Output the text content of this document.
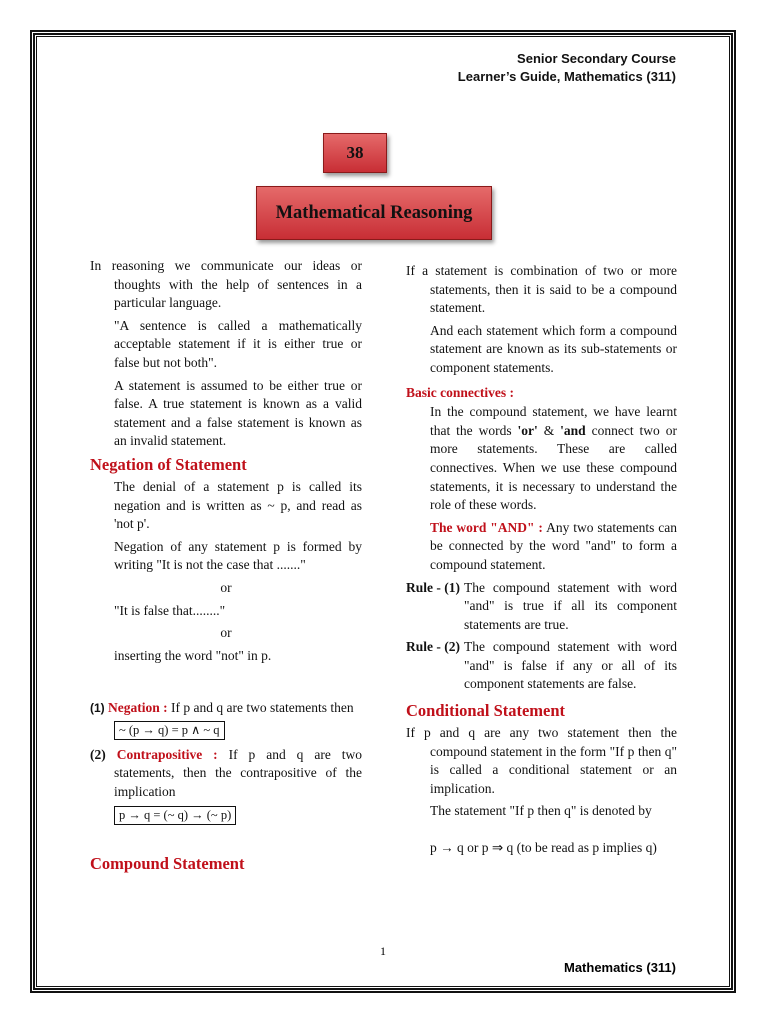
Senior Secondary Course
Learner’s Guide, Mathematics (311)
38
Mathematical Reasoning

In reasoning we communicate our ideas or thoughts with the help of sentences in a particular language.

"A sentence is called a mathematically acceptable statement if it is either true or false but not both".

A statement is assumed to be either true or false. A true statement is known as a valid statement and a false statement is known as an invalid statement.

Negation of Statement

The denial of a statement p is called its negation and is written as ~ p, and read as 'not p'.

Negation of any statement p is formed by writing "It is not the case that ......."

or

"It is false that........"

or

inserting the word "not" in p.

(1) Negation : If p and q are two statements then

~ (p → q) = p ∧ ~ q

(2) Contrapositive : If p and q are two statements, then the contrapositive of the implication

p → q = (~ q) → (~ p)

Compound Statement

If a statement is combination of two or more statements, then it is said to be a compound statement.

And each statement which form a compound statement are known as its sub-statements or component statements.

Basic connectives :

In the compound statement, we have learnt that the words 'or' & 'and connect two or more statements. These are called connectives. When we use these compound statements, it is necessary to understand the role of these words.

The word "AND" : Any two statements can be connected by the word "and" to form a compound statement.

Rule - (1) The compound statement with word "and" is true if all its component statements are true.
Rule - (2) The compound statement with word "and" is false if any or all of its component statements are false.

Conditional Statement

If p and q are any two statement then the compound statement in the form "If p then q" is called a conditional statement or an implication.

The statement "If p then q" is denoted by

p → q or p ⇒ q (to be read as p implies q)

1
Mathematics (311)
